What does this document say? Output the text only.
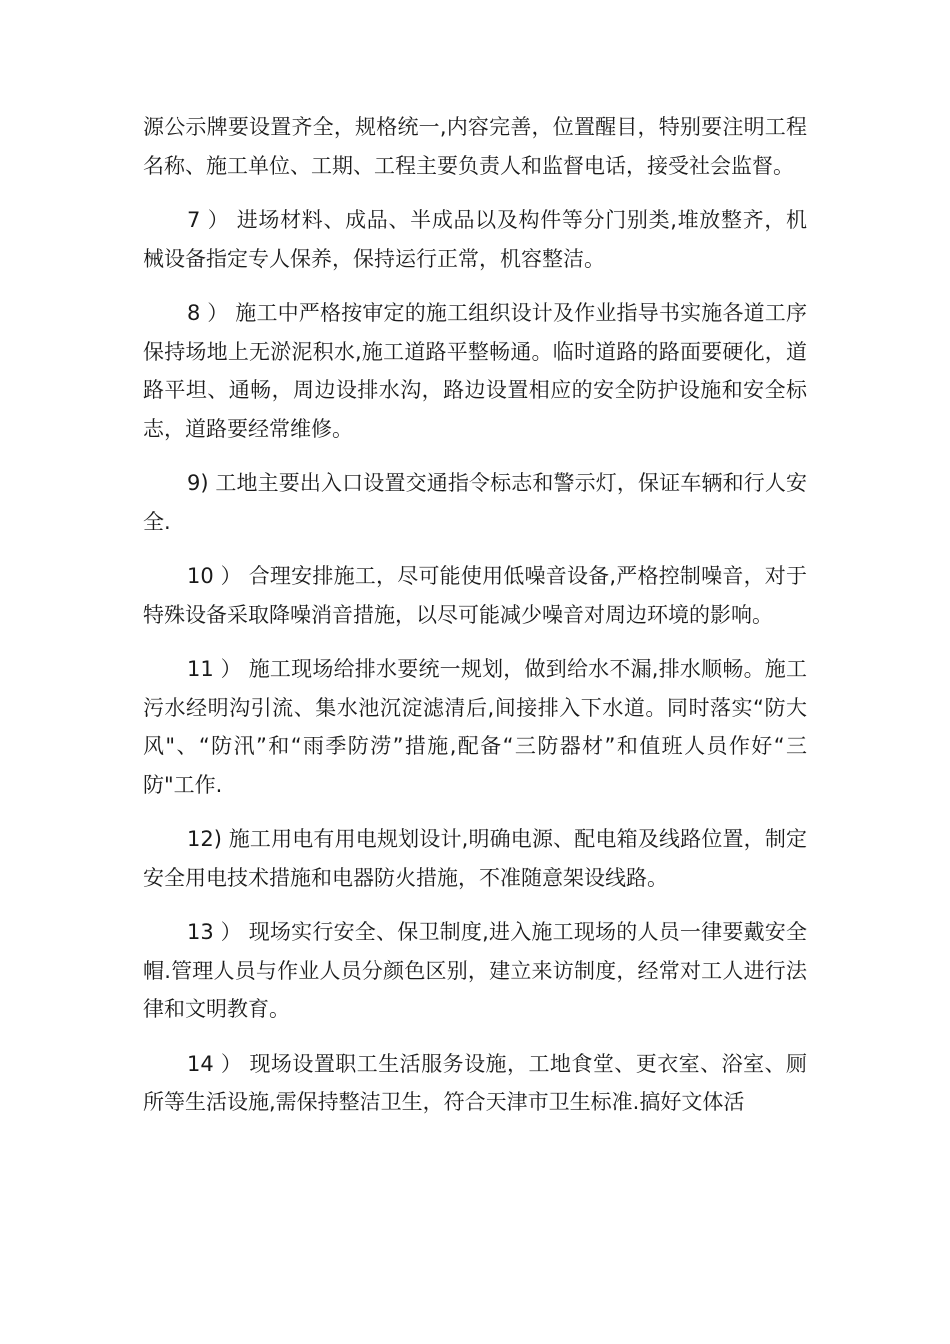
源公示牌要设置齐全，规格统一,内容完善，位置醒目，特别要注明工程名称、施工单位、工期、工程主要负责人和监督电话，接受社会监督。

7 ） 进场材料、成品、半成品以及构件等分门别类,堆放整齐，机械设备指定专人保养，保持运行正常，机容整洁。

8 ） 施工中严格按审定的施工组织设计及作业指导书实施各道工序保持场地上无淤泥积水,施工道路平整畅通。临时道路的路面要硬化，道路平坦、通畅，周边设排水沟，路边设置相应的安全防护设施和安全标志，道路要经常维修。

9) 工地主要出入口设置交通指令标志和警示灯，保证车辆和行人安全.

10 ） 合理安排施工，尽可能使用低噪音设备,严格控制噪音，对于特殊设备采取降噪消音措施，以尽可能减少噪音对周边环境的影响。

11 ） 施工现场给排水要统一规划，做到给水不漏,排水顺畅。施工污水经明沟引流、集水池沉淀滤清后,间接排入下水道。同时落实“防大风"、“防汛”和“雨季防涝”措施,配备“三防器材”和值班人员作好“三防"工作.

12) 施工用电有用电规划设计,明确电源、配电箱及线路位置，制定安全用电技术措施和电器防火措施，不准随意架设线路。

13 ） 现场实行安全、保卫制度,进入施工现场的人员一律要戴安全帽.管理人员与作业人员分颜色区别，建立来访制度，经常对工人进行法律和文明教育。

14 ） 现场设置职工生活服务设施，工地食堂、更衣室、浴室、厕所等生活设施,需保持整洁卫生，符合天津市卫生标准.搞好文体活
